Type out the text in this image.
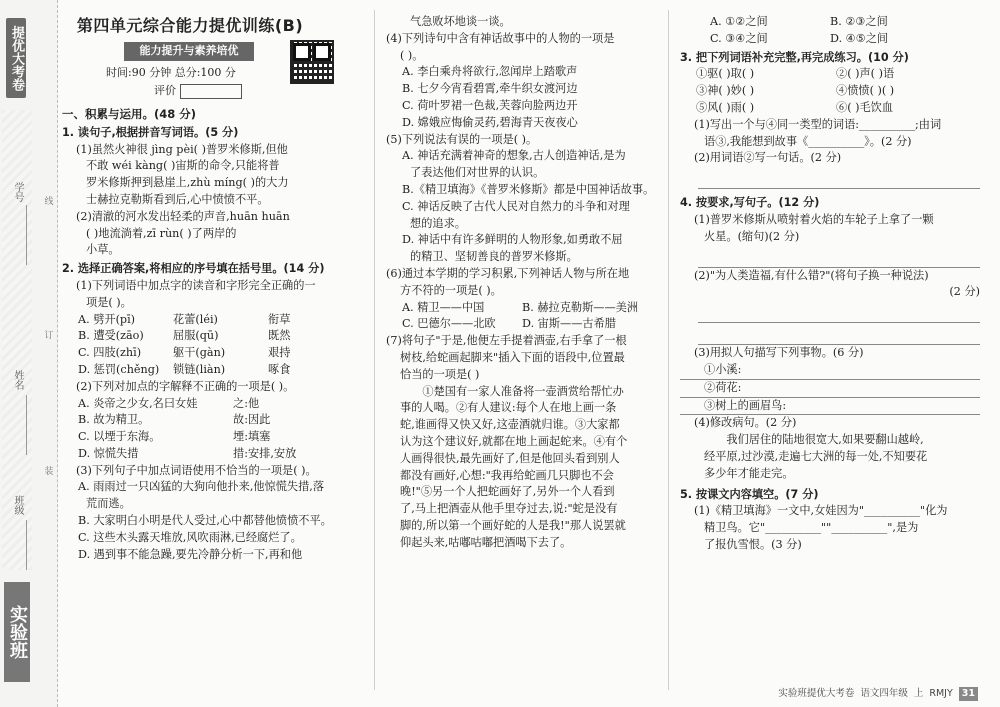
提优大考卷
学号
姓名
班级
线
订
装
实验班
第四单元综合能力提优训练(B)
能力提升与素养培优
时间:90 分钟 总分:100 分
评价
一、积累与运用。(48 分)
1. 读句子,根据拼音写词语。(5 分)
(1)虽然火神很 jìng pèi( )普罗米修斯,但他
不敢 wéi kàng( )宙斯的命令,只能将普
罗米修斯押到悬崖上,zhù míng( )的大力
士赫拉克勒斯看到后,心中愤愤不平。
(2)清澈的河水发出轻柔的声音,huān huān
( )地流淌着,zī rùn( )了两岸的
小草。
2. 选择正确答案,将相应的序号填在括号里。(14 分)
(1)下列词语中加点字的读音和字形完全正确的一
项是( )。
A. 劈开(pī)	花蕾(léi)	衔草
B. 遭受(zāo)	屈服(qū)	既然
C. 四肢(zhī)	躯干(gàn)	艰持
D. 惩罚(chěng)	锁链(liàn)	啄食
(2)下列对加点的字解释不正确的一项是( )。
A. 炎帝之少女,名曰女娃	之:他
B. 故为精卫。	故:因此
C. 以堙于东海。	堙:填塞
D. 惊慌失措	措:安排,安放
(3)下列句子中加点词语使用不恰当的一项是( )。
A. 雨雨过一只凶猛的大狗向他扑来,他惊慌失措,落
荒而逃。
B. 大家明白小明是代人受过,心中都替他愤愤不平。
C. 这些木头露天堆放,风吹雨淋,已经腐烂了。
D. 遇到事不能急躁,要先冷静分析一下,再和他
气急败坏地谈一谈。
(4)下列诗句中含有神话故事中的人物的一项是
( )。
A. 李白乘舟将欲行,忽闻岸上踏歌声
B. 七夕今宵看碧霄,牵牛织女渡河边
C. 荷叶罗裙一色裁,芙蓉向脸两边开
D. 嫦娥应悔偷灵药,碧海青天夜夜心
(5)下列说法有误的一项是( )。
A. 神话充满着神奇的想象,古人创造神话,是为
了表达他们对世界的认识。
B.《精卫填海》《普罗米修斯》都是中国神话故事。
C. 神话反映了古代人民对自然力的斗争和对理
想的追求。
D. 神话中有许多鲜明的人物形象,如勇敢不屈
的精卫、坚韧善良的普罗米修斯。
(6)通过本学期的学习积累,下列神话人物与所在地
方不符的一项是( )。
A. 精卫——中国	B. 赫拉克勒斯——美洲
C. 巴德尔——北欧	D. 宙斯——古希腊
(7)将句子"于是,他便左手提着酒壶,右手拿了一根
树枝,给蛇画起脚来"插入下面的语段中,位置最
恰当的一项是( )
①楚国有一家人准备将一壶酒赏给帮忙办
事的人喝。②有人建议:每个人在地上画一条
蛇,谁画得又快又好,这壶酒就归谁。③大家都
认为这个建议好,就都在地上画起蛇来。④有个
人画得很快,最先画好了,但是他回头看到别人
都没有画好,心想:"我再给蛇画几只脚也不会
晚!"⑤另一个人把蛇画好了,另外一个人看到
了,马上把酒壶从他手里夺过去,说:"蛇是没有
脚的,所以第一个画好蛇的人是我!"那人说罢就
仰起头来,咕嘟咕嘟把酒喝下去了。
A. ①②之间	B. ②③之间
C. ③④之间	D. ④⑤之间
3. 把下列词语补充完整,再完成练习。(10 分)
①驱( )取( )	②( )声( )语
③神( )妙( )	④愤愤( )( )
⑤风( )雨( )	⑥( )毛饮血
(1)写出一个与④同一类型的词语:__________;由词
语③,我能想到故事《__________》。(2 分)
(2)用词语②写一句话。(2 分)
4. 按要求,写句子。(12 分)
(1)普罗米修斯从喷射着火焰的车轮子上拿了一颗
火星。(缩句)(2 分)
(2)"为人类造福,有什么错?"(将句子换一种说法)
(2 分)
(3)用拟人句描写下列事物。(6 分)
①小溪:
②荷花:
③树上的画眉鸟:
(4)修改病句。(2 分)
我们居住的陆地很宽大,如果要翻山越岭,
经平原,过沙漠,走遍七大洲的每一处,不知要花
多少年才能走完。
5. 按课文内容填空。(7 分)
(1)《精卫填海》一文中,女娃因为"__________"化为
精卫鸟。它"__________""__________",是为
了报仇雪恨。(3 分)
实验班提优大考卷 语文四年级 上 RMJY 31
